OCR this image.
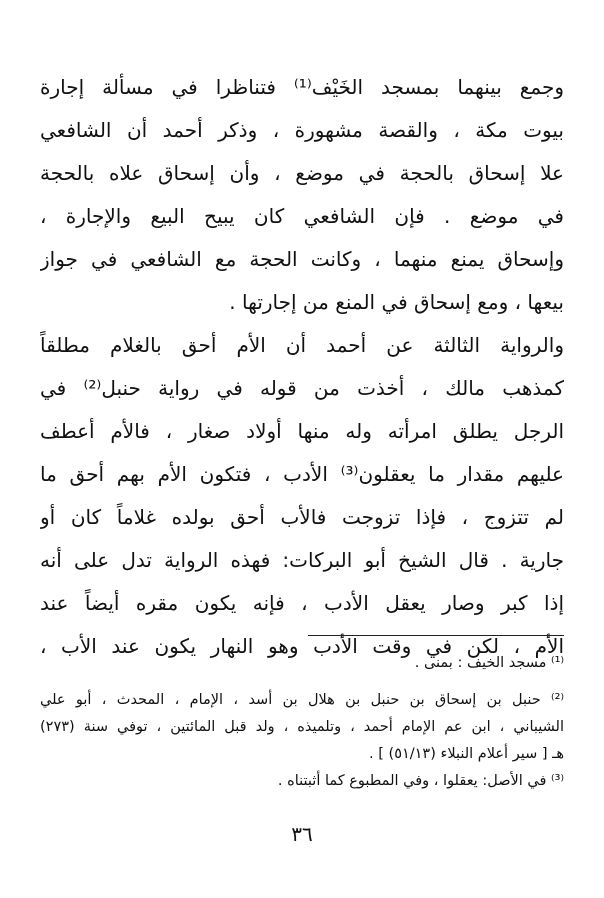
وجمع بينهما بمسجد الخَيْف⁽¹⁾ فتناظرا في مسألة إجارة
بيوت مكة ، والقصة مشهورة ، وذكر أحمد أن الشافعي
علا إسحاق بالحجة في موضع ، وأن إسحاق علاه بالحجة
في موضع . فإن الشافعي كان يبيح البيع والإجارة ،
وإسحاق يمنع منهما ، وكانت الحجة مع الشافعي في جواز
بيعها ، ومع إسحاق في المنع من إجارتها .
والرواية الثالثة عن أحمد أن الأم أحق بالغلام مطلقاً
كمذهب مالك ، أخذت من قوله في رواية حنبل⁽²⁾ في
الرجل يطلق امرأته وله منها أولاد صغار ، فالأم أعطف
عليهم مقدار ما يعقلون⁽³⁾ الأدب ، فتكون الأم بهم أحق ما
لم تتزوج ، فإذا تزوجت فالأب أحق بولده غلاماً كان أو
جارية . قال الشيخ أبو البركات: فهذه الرواية تدل على أنه
إذا كبر وصار يعقل الأدب ، فإنه يكون مقره أيضاً عند
الأم ، لكن في وقت الأدب وهو النهار يكون عند الأب ،
⁽¹⁾ مسجد الخيف : بمنى .
⁽²⁾ حنبل بن إسحاق بن حنبل بن هلال بن أسد ، الإمام ، المحدث ، أبو علي
الشيباني ، ابن عم الإمام أحمد ، وتلميذه ، ولد قبل المائتين ، توفي سنة (٢٧٣)
هـ [ سير أعلام النبلاء (٥١/١٣) ] .
⁽³⁾ في الأصل: يعقلوا ، وفي المطبوع كما أثبتناه .
٣٦
